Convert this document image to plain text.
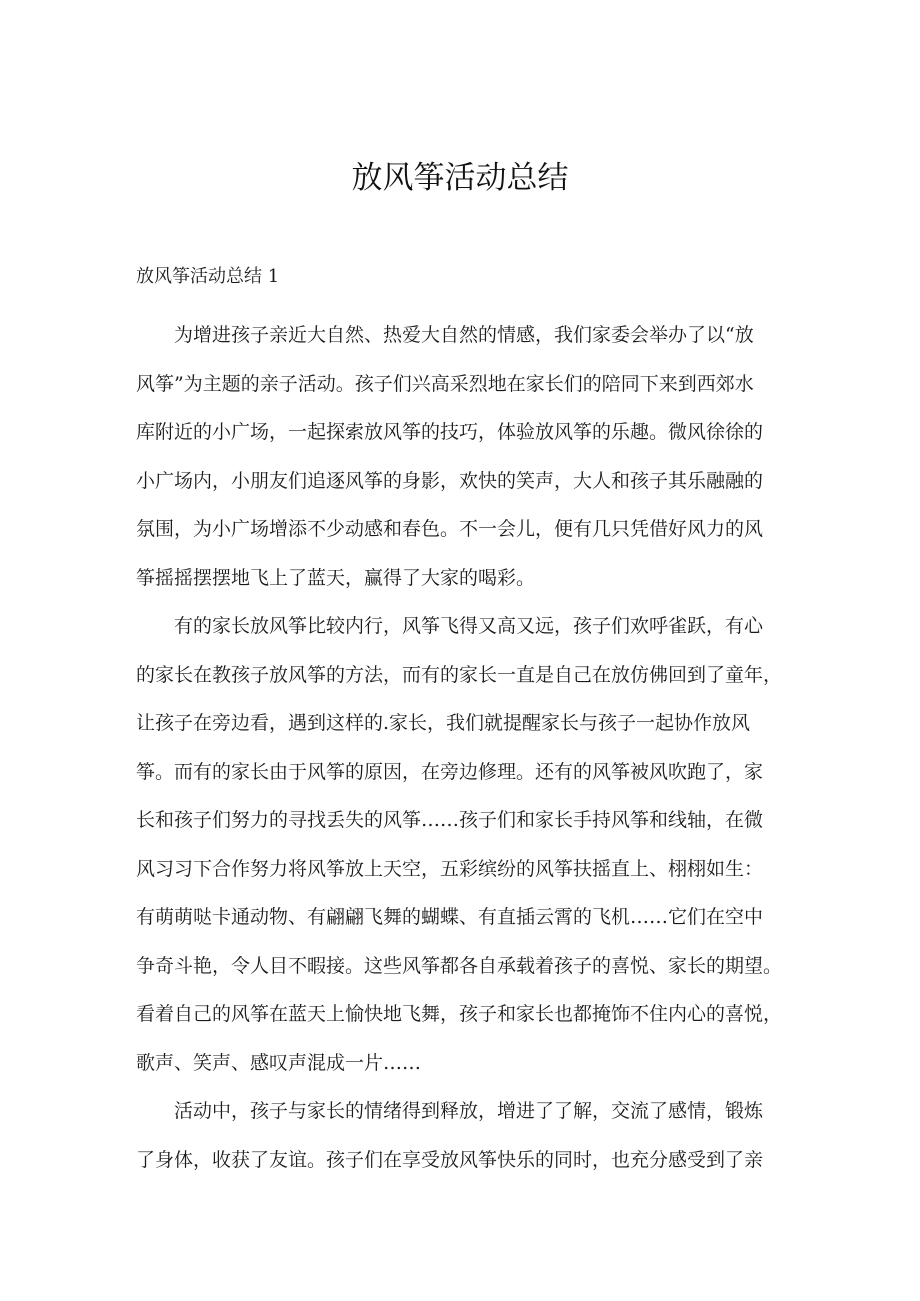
放风筝活动总结
放风筝活动总结 1

为增进孩子亲近大自然、热爱大自然的情感，我们家委会举办了以“放
风筝”为主题的亲子活动。孩子们兴高采烈地在家长们的陪同下来到西郊水
库附近的小广场，一起探索放风筝的技巧，体验放风筝的乐趣。微风徐徐的
小广场内，小朋友们追逐风筝的身影，欢快的笑声，大人和孩子其乐融融的
氛围，为小广场增添不少动感和春色。不一会儿，便有几只凭借好风力的风
筝摇摇摆摆地飞上了蓝天，赢得了大家的喝彩。

有的家长放风筝比较内行，风筝飞得又高又远，孩子们欢呼雀跃，有心
的家长在教孩子放风筝的方法，而有的家长一直是自己在放仿佛回到了童年，
让孩子在旁边看，遇到这样的.家长，我们就提醒家长与孩子一起协作放风
筝。而有的家长由于风筝的原因，在旁边修理。还有的风筝被风吹跑了，家
长和孩子们努力的寻找丢失的风筝……孩子们和家长手持风筝和线轴，在微
风习习下合作努力将风筝放上天空，五彩缤纷的风筝扶摇直上、栩栩如生：
有萌萌哒卡通动物、有翩翩飞舞的蝴蝶、有直插云霄的飞机……它们在空中
争奇斗艳，令人目不暇接。这些风筝都各自承载着孩子的喜悦、家长的期望。
看着自己的风筝在蓝天上愉快地飞舞，孩子和家长也都掩饰不住内心的喜悦，
歌声、笑声、感叹声混成一片……

活动中，孩子与家长的情绪得到释放，增进了了解，交流了感情，锻炼
了身体，收获了友谊。孩子们在享受放风筝快乐的同时，也充分感受到了亲
